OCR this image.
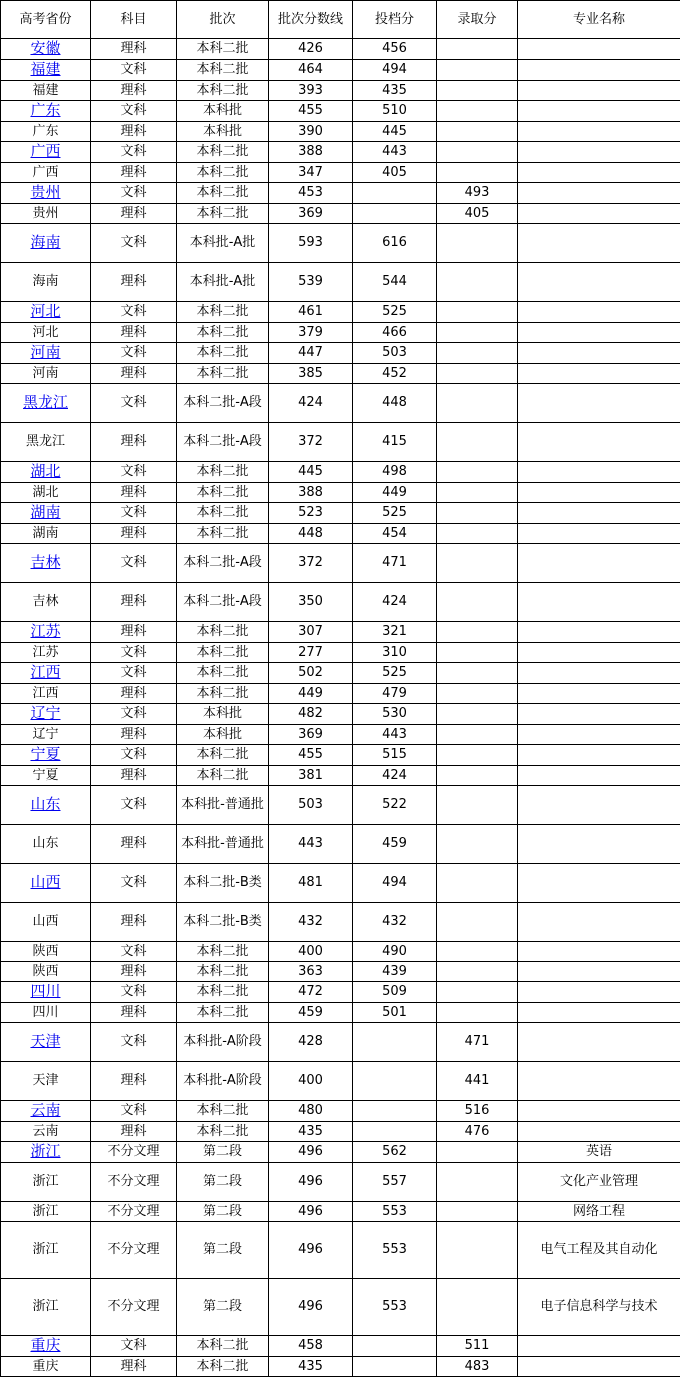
高考省份	科目	批次	批次分数线	投档分	录取分	专业名称
安徽	理科	本科二批	426	456		
福建	文科	本科二批	464	494		
福建	理科	本科二批	393	435		
广东	文科	本科批	455	510		
广东	理科	本科批	390	445		
广西	文科	本科二批	388	443		
广西	理科	本科二批	347	405		
贵州	文科	本科二批	453		493	
贵州	理科	本科二批	369		405	
海南	文科	本科批-A批	593	616		
海南	理科	本科批-A批	539	544		
河北	文科	本科二批	461	525		
河北	理科	本科二批	379	466		
河南	文科	本科二批	447	503		
河南	理科	本科二批	385	452		
黑龙江	文科	本科二批-A段	424	448		
黑龙江	理科	本科二批-A段	372	415		
湖北	文科	本科二批	445	498		
湖北	理科	本科二批	388	449		
湖南	文科	本科二批	523	525		
湖南	理科	本科二批	448	454		
吉林	文科	本科二批-A段	372	471		
吉林	理科	本科二批-A段	350	424		
江苏	理科	本科二批	307	321		
江苏	文科	本科二批	277	310		
江西	文科	本科二批	502	525		
江西	理科	本科二批	449	479		
辽宁	文科	本科批	482	530		
辽宁	理科	本科批	369	443		
宁夏	文科	本科二批	455	515		
宁夏	理科	本科二批	381	424		
山东	文科	本科批-普通批	503	522		
山东	理科	本科批-普通批	443	459		
山西	文科	本科二批-B类	481	494		
山西	理科	本科二批-B类	432	432		
陕西	文科	本科二批	400	490		
陕西	理科	本科二批	363	439		
四川	文科	本科二批	472	509		
四川	理科	本科二批	459	501		
天津	文科	本科批-A阶段	428		471	
天津	理科	本科批-A阶段	400		441	
云南	文科	本科二批	480		516	
云南	理科	本科二批	435		476	
浙江	不分文理	第二段	496	562		英语
浙江	不分文理	第二段	496	557		文化产业管理
浙江	不分文理	第二段	496	553		网络工程
浙江	不分文理	第二段	496	553		电气工程及其自动化
浙江	不分文理	第二段	496	553		电子信息科学与技术
重庆	文科	本科二批	458		511	
重庆	理科	本科二批	435		483	
